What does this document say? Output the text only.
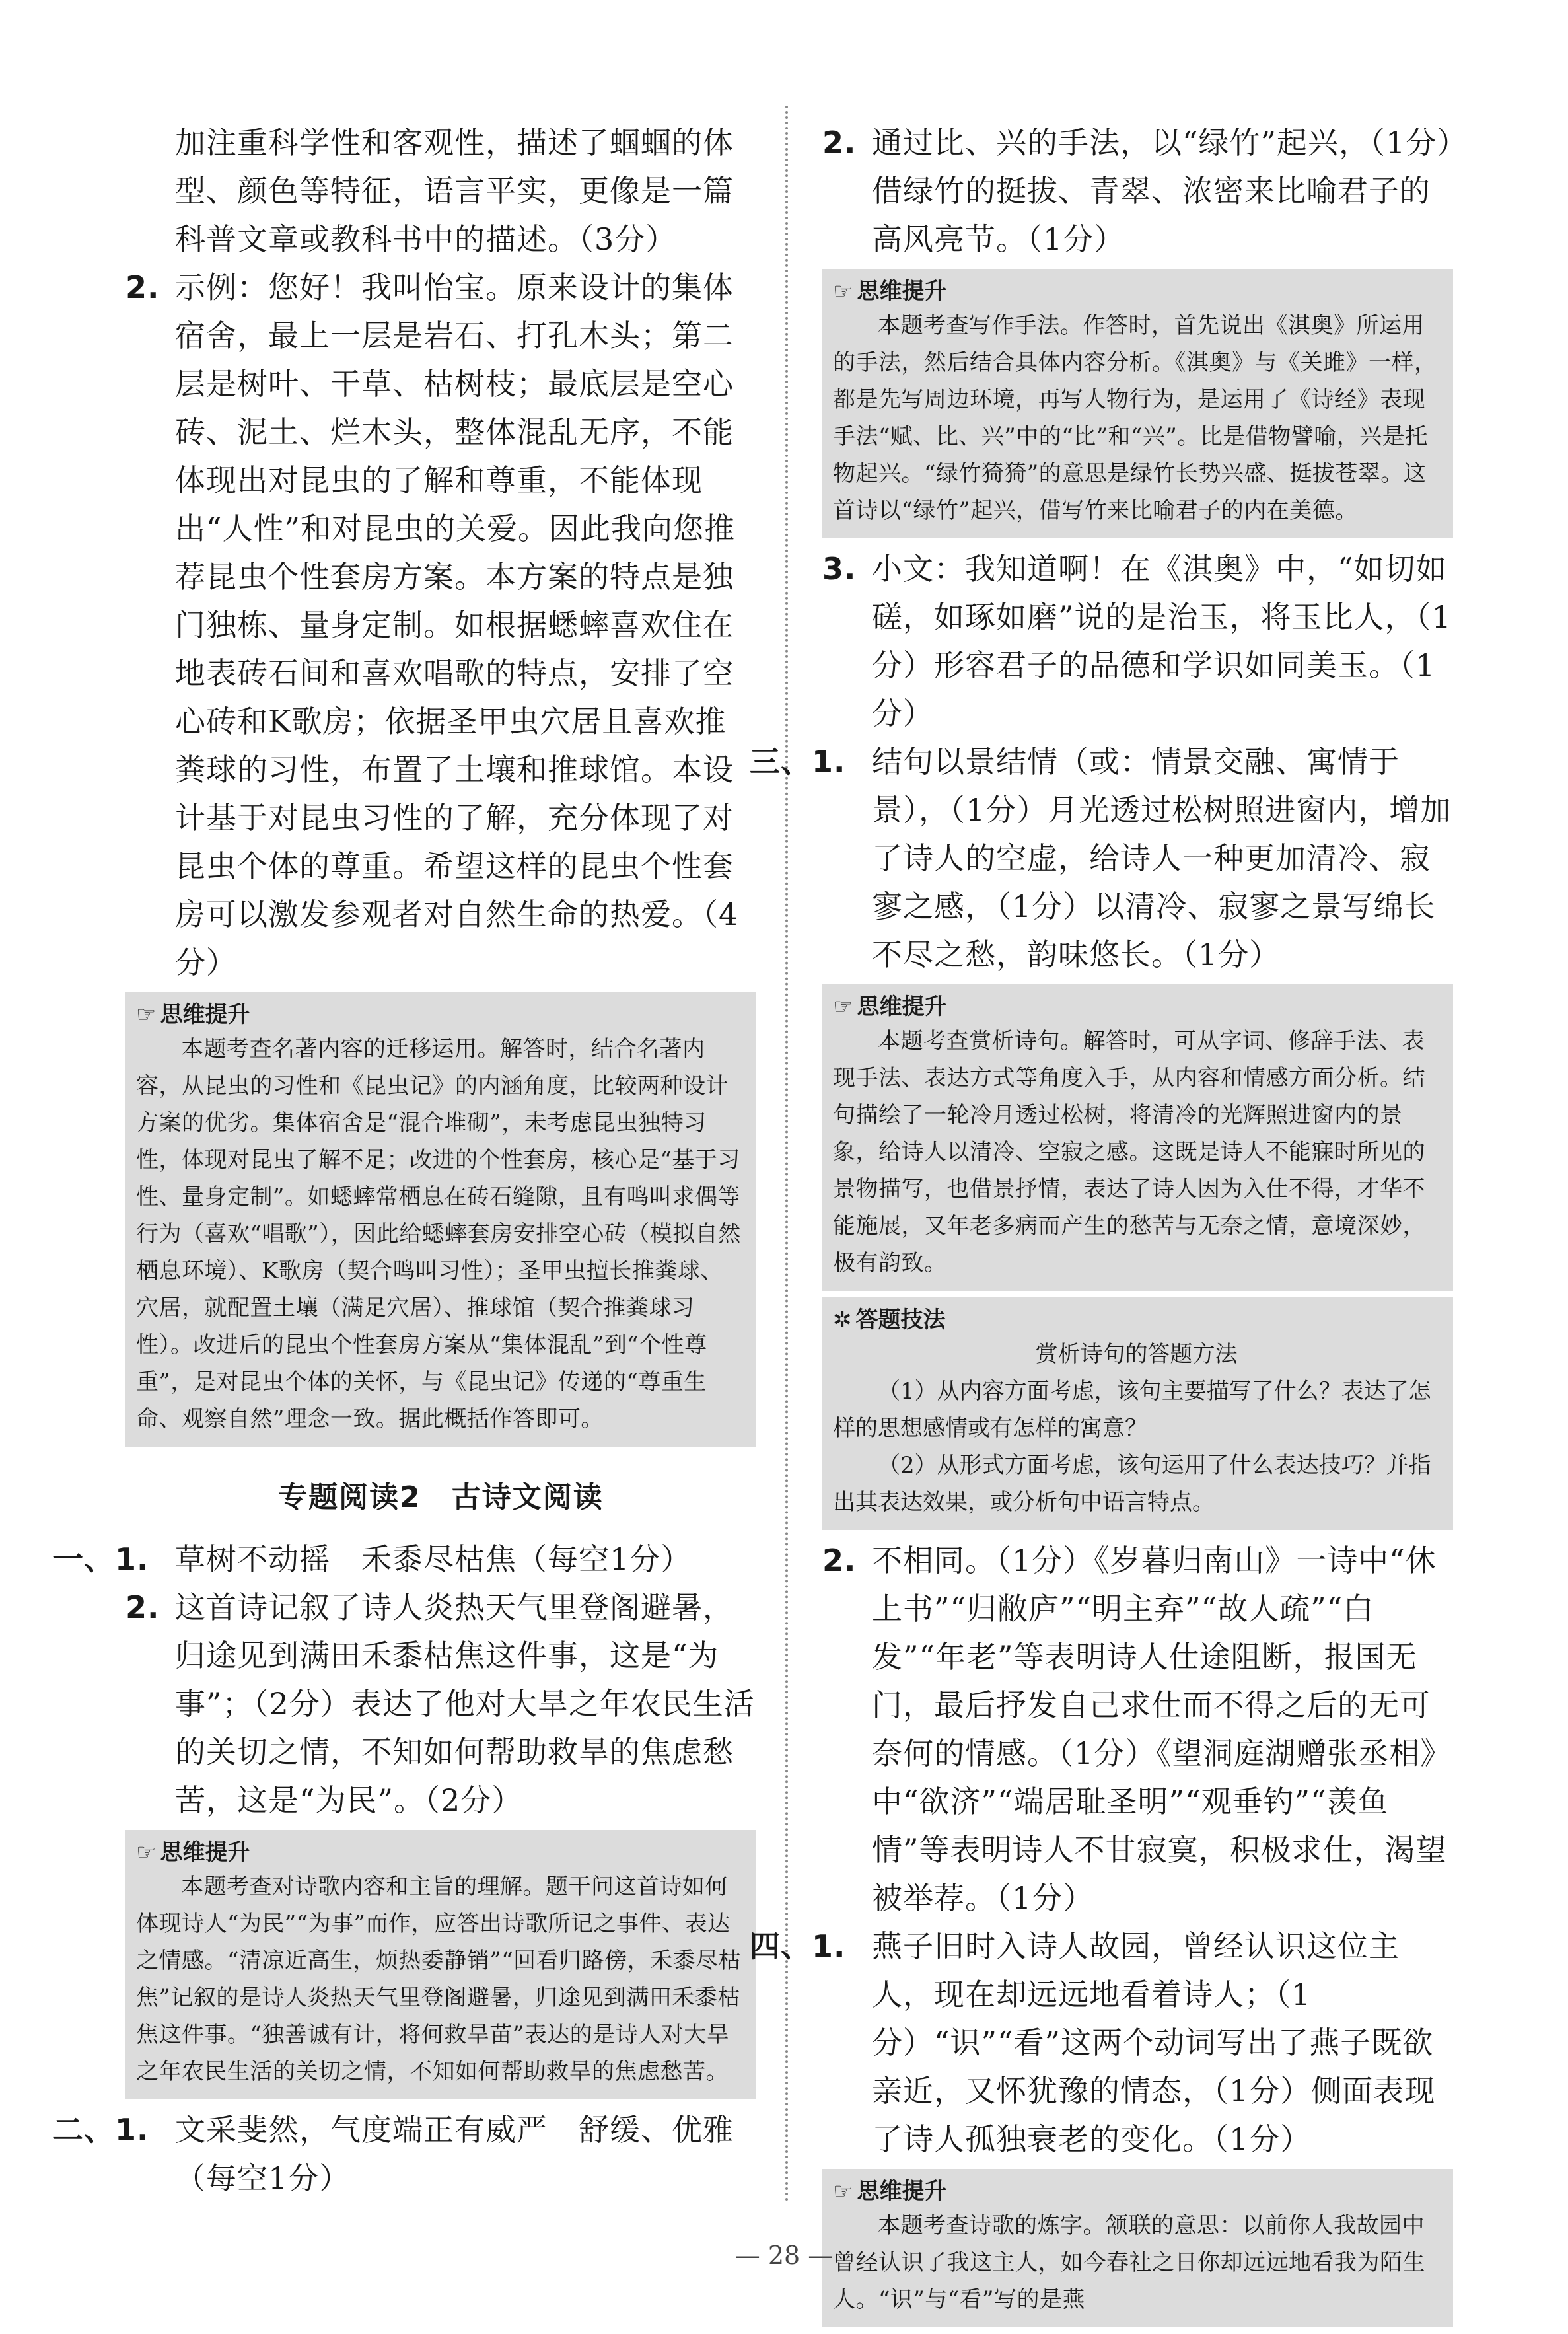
加注重科学性和客观性，描述了蝈蝈的体型、颜色等特征，语言平实，更像是一篇科普文章或教科书中的描述。（3分）
2. 示例：您好！我叫怡宝。原来设计的集体宿舍，最上一层是岩石、打孔木头；第二层是树叶、干草、枯树枝；最底层是空心砖、泥土、烂木头，整体混乱无序，不能体现出对昆虫的了解和尊重，不能体现出“人性”和对昆虫的关爱。因此我向您推荐昆虫个性套房方案。本方案的特点是独门独栋、量身定制。如根据蟋蟀喜欢住在地表砖石间和喜欢唱歌的特点，安排了空心砖和K歌房；依据圣甲虫穴居且喜欢推粪球的习性，布置了土壤和推球馆。本设计基于对昆虫习性的了解，充分体现了对昆虫个体的尊重。希望这样的昆虫个性套房可以激发参观者对自然生命的热爱。（4分）
☞ 思维提升
本题考查名著内容的迁移运用。解答时，结合名著内容，从昆虫的习性和《昆虫记》的内涵角度，比较两种设计方案的优劣。集体宿舍是“混合堆砌”，未考虑昆虫独特习性，体现对昆虫了解不足；改进的个性套房，核心是“基于习性、量身定制”。如蟋蟀常栖息在砖石缝隙，且有鸣叫求偶等行为（喜欢“唱歌”），因此给蟋蟀套房安排空心砖（模拟自然栖息环境）、K歌房（契合鸣叫习性）；圣甲虫擅长推粪球、穴居，就配置土壤（满足穴居）、推球馆（契合推粪球习性）。改进后的昆虫个性套房方案从“集体混乱”到“个性尊重”，是对昆虫个体的关怀，与《昆虫记》传递的“尊重生命、观察自然”理念一致。据此概括作答即可。
专题阅读2　古诗文阅读
一、1. 草树不动摇　禾黍尽枯焦（每空1分）
2. 这首诗记叙了诗人炎热天气里登阁避暑，归途见到满田禾黍枯焦这件事，这是“为事”；（2分）表达了他对大旱之年农民生活的关切之情，不知如何帮助救旱的焦虑愁苦，这是“为民”。（2分）
☞ 思维提升
本题考查对诗歌内容和主旨的理解。题干问这首诗如何体现诗人“为民”“为事”而作，应答出诗歌所记之事件、表达之情感。“清凉近高生，烦热委静销”“回看归路傍，禾黍尽枯焦”记叙的是诗人炎热天气里登阁避暑，归途见到满田禾黍枯焦这件事。“独善诚有计，将何救旱苗”表达的是诗人对大旱之年农民生活的关切之情，不知如何帮助救旱的焦虑愁苦。
二、1. 文采斐然，气度端正有威严　舒缓、优雅（每空1分）
2. 通过比、兴的手法，以“绿竹”起兴，（1分）借绿竹的挺拔、青翠、浓密来比喻君子的高风亮节。（1分）
☞ 思维提升
本题考查写作手法。作答时，首先说出《淇奥》所运用的手法，然后结合具体内容分析。《淇奥》与《关雎》一样，都是先写周边环境，再写人物行为，是运用了《诗经》表现手法“赋、比、兴”中的“比”和“兴”。比是借物譬喻，兴是托物起兴。“绿竹猗猗”的意思是绿竹长势兴盛、挺拔苍翠。这首诗以“绿竹”起兴，借写竹来比喻君子的内在美德。
3. 小文：我知道啊！在《淇奥》中，“如切如磋，如琢如磨”说的是治玉，将玉比人，（1分）形容君子的品德和学识如同美玉。（1分）
三、1. 结句以景结情（或：情景交融、寓情于景），（1分）月光透过松树照进窗内，增加了诗人的空虚，给诗人一种更加清冷、寂寥之感，（1分）以清冷、寂寥之景写绵长不尽之愁，韵味悠长。（1分）
☞ 思维提升
本题考查赏析诗句。解答时，可从字词、修辞手法、表现手法、表达方式等角度入手，从内容和情感方面分析。结句描绘了一轮冷月透过松树，将清冷的光辉照进窗内的景象，给诗人以清冷、空寂之感。这既是诗人不能寐时所见的景物描写，也借景抒情，表达了诗人因为入仕不得，才华不能施展，又年老多病而产生的愁苦与无奈之情，意境深妙，极有韵致。
✲ 答题技法
赏析诗句的答题方法
（1）从内容方面考虑，该句主要描写了什么？表达了怎样的思想感情或有怎样的寓意？
（2）从形式方面考虑，该句运用了什么表达技巧？并指出其表达效果，或分析句中语言特点。
2. 不相同。（1分）《岁暮归南山》一诗中“休上书”“归敝庐”“明主弃”“故人疏”“白发”“年老”等表明诗人仕途阻断，报国无门，最后抒发自己求仕而不得之后的无可奈何的情感。（1分）《望洞庭湖赠张丞相》中“欲济”“端居耻圣明”“观垂钓”“羡鱼情”等表明诗人不甘寂寞，积极求仕，渴望被举荐。（1分）
四、1. 燕子旧时入诗人故园，曾经认识这位主人，现在却远远地看着诗人；（1分）“识”“看”这两个动词写出了燕子既欲亲近，又怀犹豫的情态，（1分）侧面表现了诗人孤独衰老的变化。（1分）
☞ 思维提升
本题考查诗歌的炼字。颔联的意思：以前你人我故园中曾经认识了我这主人，如今春社之日你却远远地看我为陌生人。“识”与“看”写的是燕
— 28 —
